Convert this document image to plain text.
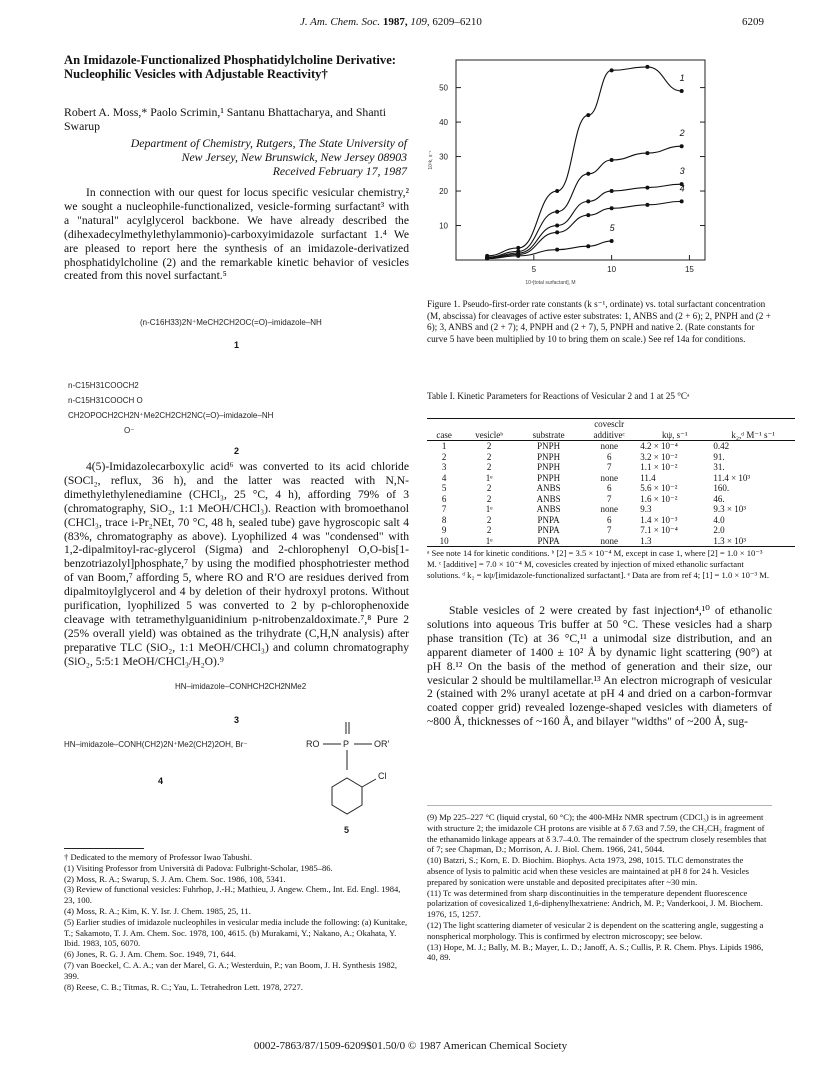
J. Am. Chem. Soc. 1987, 109, 6209–6210	6209
An Imidazole-Functionalized Phosphatidylcholine Derivative: Nucleophilic Vesicles with Adjustable Reactivity†
Robert A. Moss,* Paolo Scrimin,¹ Santanu Bhattacharya, and Shanti Swarup
Department of Chemistry, Rutgers, The State University of
New Jersey, New Brunswick, New Jersey 08903
Received February 17, 1987
In connection with our quest for locus specific vesicular chemistry,² we sought a nucleophile-functionalized, vesicle-forming surfactant³ with a "natural" acylglycerol backbone. We have already described the (dihexadecylmethylethylammonio)-carboxyimidazole surfactant 1.⁴ We are pleased to report here the synthesis of an imidazole-derivatized phosphatidylcholine (2) and the remarkable kinetic behavior of vesicles created from this novel surfactant.⁵
(n-C16H33)2N⁺MeCH2CH2OC(=O)–imidazole–NH
1
n-C15H31COOCH2
n-C15H31COOCH O
CH2OPOCH2CH2N⁺Me2CH2CH2NC(=O)–imidazole–NH
O⁻
2
4(5)-Imidazolecarboxylic acid⁶ was converted to its acid chloride (SOCl₂, reflux, 36 h), and the latter was reacted with N,N-dimethylethylenediamine (CHCl₃, 25 °C, 4 h), affording 79% of 3 (chromatography, SiO₂, 1:1 MeOH/CHCl₃). Reaction with bromoethanol (CHCl₃, trace i-Pr₂NEt, 70 °C, 48 h, sealed tube) gave hygroscopic salt 4 (83%, chromatography as above). Lyophilized 4 was "condensed" with 1,2-dipalmitoyl-rac-glycerol (Sigma) and 2-chlorophenyl O,O-bis[1-benzotriazolyl]phosphate,⁷ by using the modified phosphotriester method of van Boom,⁷ affording 5, where RO and R′O are residues derived from dipalmitoylglycerol and 4 by deletion of their hydroxyl protons. Without purification, lyophilized 5 was converted to 2 by p-chlorophenoxide cleavage with tetramethylguanidinium p-nitrobenzaldoximate.⁷,⁸ Pure 2 (25% overall yield) was obtained as the trihydrate (C,H,N analysis) after preparative TLC (SiO₂, 1:1 MeOH/CHCl₃) and column chromatography (SiO₂, 5:5:1 MeOH/CHCl₃/H₂O).⁹
HN–imidazole–CONHCH2CH2NMe2
3
HN–imidazole–CONH(CH2)2N⁺Me2(CH2)2OH, Br⁻
4
RO	P	OR′
Cl
5

† Dedicated to the memory of Professor Iwao Tabushi.

(1) Visiting Professor from Università di Padova: Fulbright-Scholar, 1985–86.

(2) Moss, R. A.; Swarup, S. J. Am. Chem. Soc. 1986, 108, 5341.

(3) Review of functional vesicles: Fuhrhop, J.-H.; Mathieu, J. Angew. Chem., Int. Ed. Engl. 1984, 23, 100.

(4) Moss, R. A.; Kim, K. Y. Isr. J. Chem. 1985, 25, 11.

(5) Earlier studies of imidazole nucleophiles in vesicular media include the following: (a) Kunitake, T.; Sakamoto, T. J. Am. Chem. Soc. 1978, 100, 4615. (b) Murakami, Y.; Nakano, A.; Okahata, Y. Ibid. 1983, 105, 6070.

(6) Jones, R. G. J. Am. Chem. Soc. 1949, 71, 644.

(7) van Boeckel, C. A. A.; van der Marel, G. A.; Westerduin, P.; van Boom, J. H. Synthesis 1982, 399.

(8) Reese, C. B.; Titmas, R. C.; Yau, L. Tetrahedron Lett. 1978, 2727.

5	10	15
10
20
30
40
50
10⁴[total surfactant], M
10³k, s⁻¹
1
2
3
4
5
Figure 1. Pseudo-first-order rate constants (k s⁻¹, ordinate) vs. total surfactant concentration (M, abscissa) for cleavages of active ester substrates: 1, ANBS and (2 + 6); 2, PNPH and (2 + 6); 3, ANBS and (2 + 7); 4, PNPH and (2 + 7), 5, PNPH and native 2. (Rate constants for curve 5 have been multiplied by 10 to bring them on scale.) See ref 14a for conditions.
Table I. Kinetic Parameters for Reactions of Vesicular 2 and 1 at 25 °Cᵃ
case	vesicleᵇ	substrate	covesclr additiveᶜ	kψ, s⁻¹	k₂,ᵈ M⁻¹ s⁻¹
1	2	PNPH	none	4.2 × 10⁻⁴	0.42
2	2	PNPH	6	3.2 × 10⁻²	91.
3	2	PNPH	7	1.1 × 10⁻²	31.
4	1ᵉ	PNPH	none	11.4	11.4 × 10³
5	2	ANBS	6	5.6 × 10⁻²	160.
6	2	ANBS	7	1.6 × 10⁻²	46.
7	1ᵉ	ANBS	none	9.3	9.3 × 10³
8	2	PNPA	6	1.4 × 10⁻³	4.0
9	2	PNPA	7	7.1 × 10⁻⁴	2.0
10	1ᵉ	PNPA	none	1.3	1.3 × 10³
ᵃ See note 14 for kinetic conditions. ᵇ [2] = 3.5 × 10⁻⁴ M, except in case 1, where [2] = 1.0 × 10⁻³ M. ᶜ [additive] = 7.0 × 10⁻⁴ M, covesicles created by injection of mixed ethanolic surfactant solutions. ᵈ k₂ = kψ/[imidazole-functionalized surfactant]. ᵉ Data are from ref 4; [1] = 1.0 × 10⁻³ M.
Stable vesicles of 2 were created by fast injection⁴,¹⁰ of ethanolic solutions into aqueous Tris buffer at 50 °C. These vesicles had a sharp phase transition (Tc) at 36 °C,¹¹ a unimodal size distribution, and an apparent diameter of 1400 ± 10² Å by dynamic light scattering (90°) at pH 8.¹² On the basis of the method of generation and their size, our vesicular 2 should be multilamellar.¹³ An electron micrograph of vesicular 2 (stained with 2% uranyl acetate at pH 4 and dried on a carbon-formvar coated copper grid) revealed lozenge-shaped vesicles with diameters of ~800 Å, thicknesses of ~160 Å, and bilayer "widths" of ~200 Å, sug-

(9) Mp 225–227 °C (liquid crystal, 60 °C); the 400-MHz NMR spectrum (CDCl₃) is in agreement with structure 2; the imidazole CH protons are visible at δ 7.63 and 7.59, the CH₂CH₂ fragment of the ethanamido linkage appears at δ 3.7–4.0. The remainder of the spectrum closely resembles that of 7; see Chapman, D.; Morrison, A. J. Biol. Chem. 1966, 241, 5044.

(10) Batzri, S.; Korn, E. D. Biochim. Biophys. Acta 1973, 298, 1015. TLC demonstrates the absence of lysis to palmitic acid when these vesicles are maintained at pH 8 for 24 h. Vesicles prepared by sonication were unstable and deposited precipitates after ~30 min.

(11) Tc was determined from sharp discontinuities in the temperature dependent fluorescence polarization of covesicalized 1,6-diphenylhexatriene: Andrich, M. P.; Vanderkooi, J. M. Biochem. 1976, 15, 1257.

(12) The light scattering diameter of vesicular 2 is dependent on the scattering angle, suggesting a nonspherical morphology. This is confirmed by electron microscopy; see below.

(13) Hope, M. J.; Bally, M. B.; Mayer, L. D.; Janoff, A. S.; Cullis, P. R. Chem. Phys. Lipids 1986, 40, 89.

0002-7863/87/1509-6209$01.50/0 © 1987 American Chemical Society
